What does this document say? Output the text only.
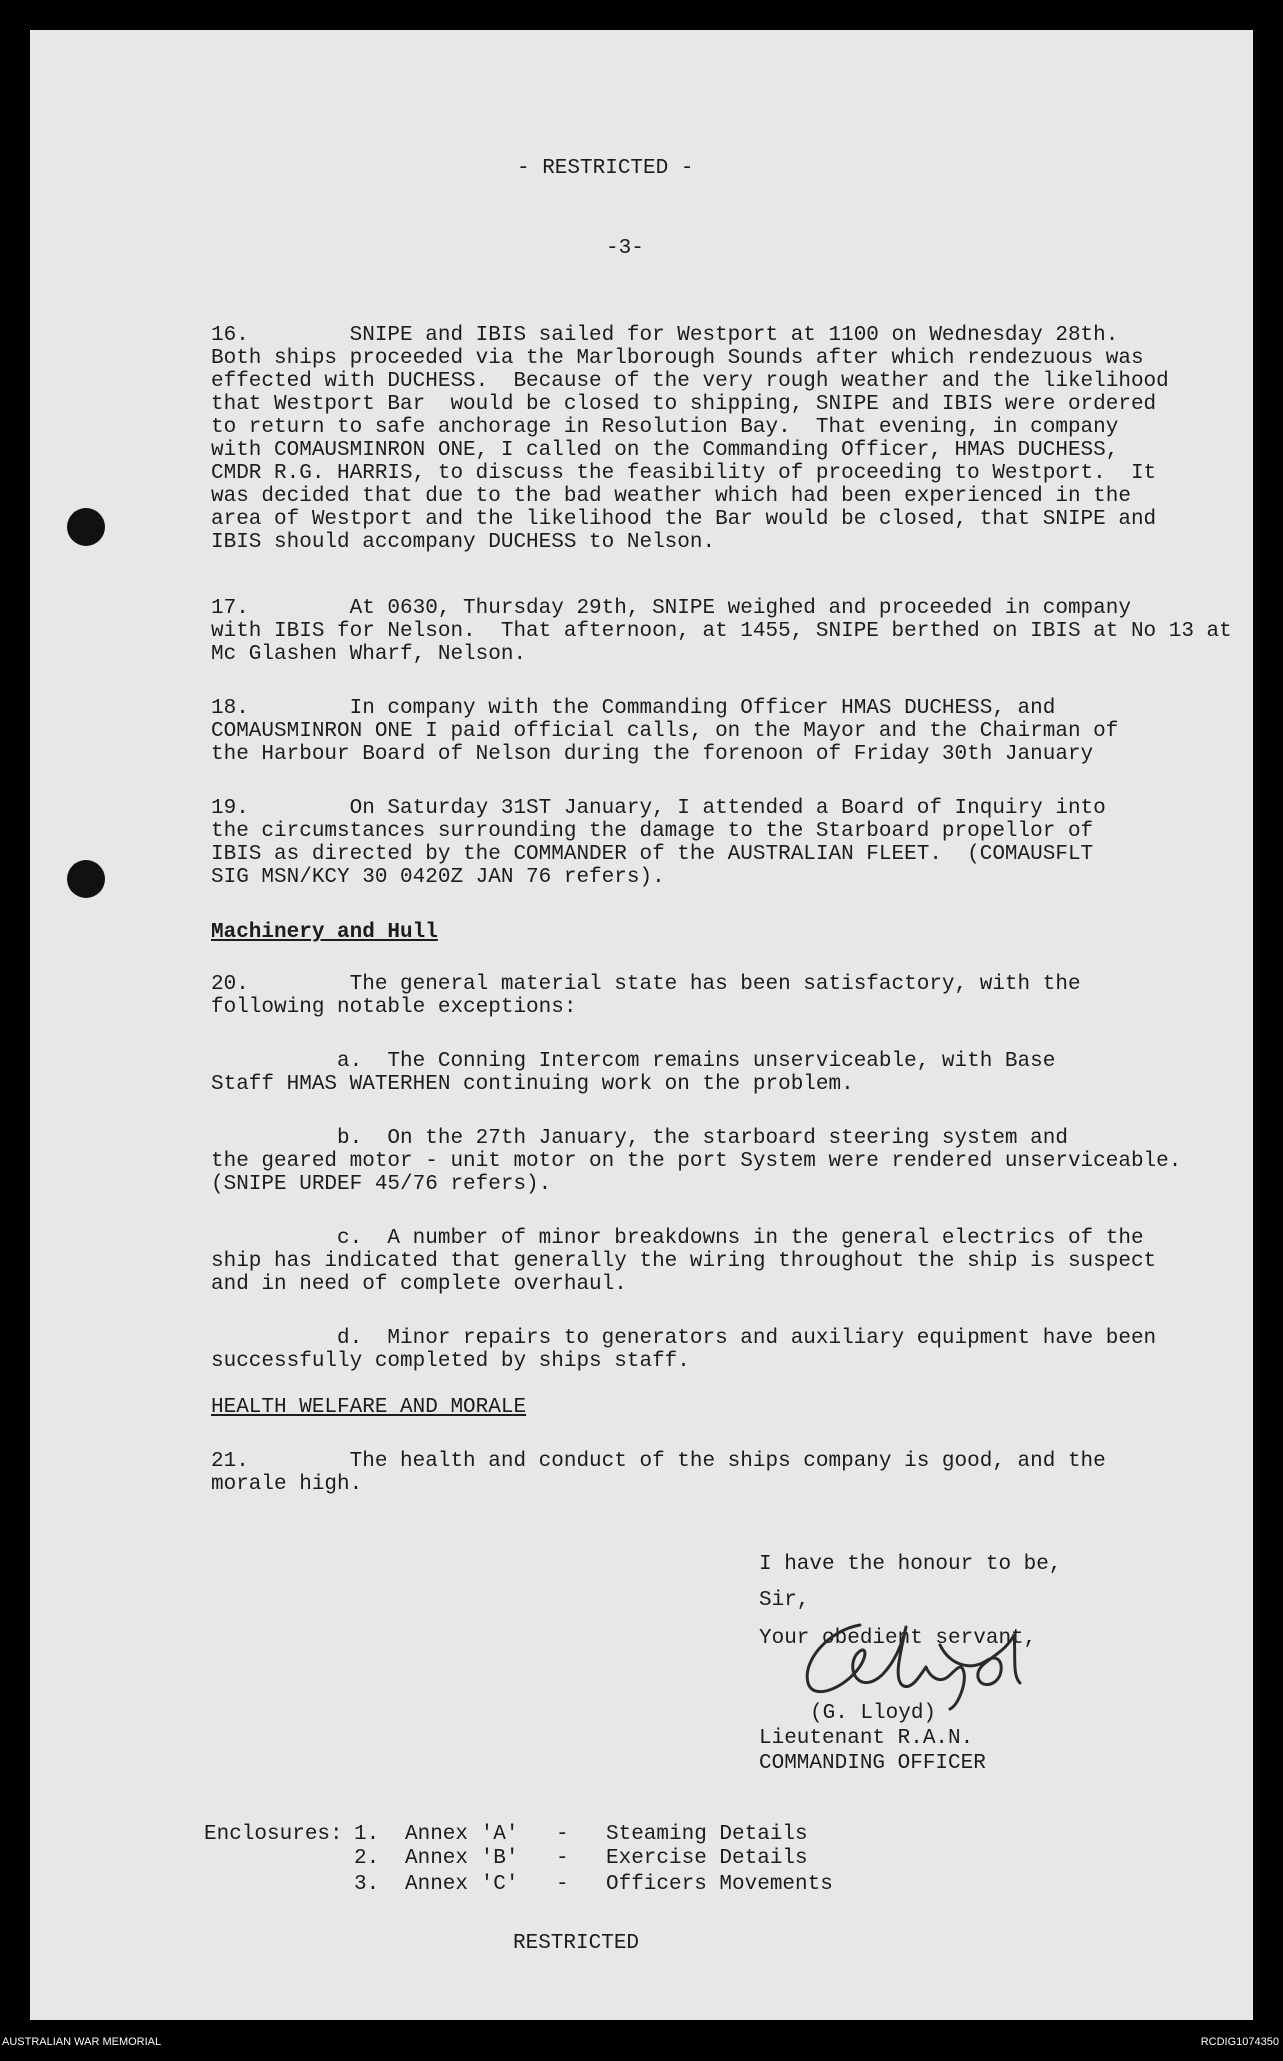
- RESTRICTED -
-3-
16.        SNIPE and IBIS sailed for Westport at 1100 on Wednesday 28th.
Both ships proceeded via the Marlborough Sounds after which rendezuous was
effected with DUCHESS.  Because of the very rough weather and the likelihood
that Westport Bar  would be closed to shipping, SNIPE and IBIS were ordered
to return to safe anchorage in Resolution Bay.  That evening, in company
with COMAUSMINRON ONE, I called on the Commanding Officer, HMAS DUCHESS,
CMDR R.G. HARRIS, to discuss the feasibility of proceeding to Westport.  It
was decided that due to the bad weather which had been experienced in the
area of Westport and the likelihood the Bar would be closed, that SNIPE and
IBIS should accompany DUCHESS to Nelson.
17.        At 0630, Thursday 29th, SNIPE weighed and proceeded in company
with IBIS for Nelson.  That afternoon, at 1455, SNIPE berthed on IBIS at No 13 at
Mc Glashen Wharf, Nelson.
18.        In company with the Commanding Officer HMAS DUCHESS, and
COMAUSMINRON ONE I paid official calls, on the Mayor and the Chairman of
the Harbour Board of Nelson during the forenoon of Friday 30th January
19.        On Saturday 31ST January, I attended a Board of Inquiry into
the circumstances surrounding the damage to the Starboard propellor of
IBIS as directed by the COMMANDER of the AUSTRALIAN FLEET.  (COMAUSFLT
SIG MSN/KCY 30 0420Z JAN 76 refers).
Machinery and Hull
20.        The general material state has been satisfactory, with the
following notable exceptions:
a.  The Conning Intercom remains unserviceable, with Base
Staff HMAS WATERHEN continuing work on the problem.
b.  On the 27th January, the starboard steering system and
the geared motor - unit motor on the port System were rendered unserviceable.
(SNIPE URDEF 45/76 refers).
c.  A number of minor breakdowns in the general electrics of the
ship has indicated that generally the wiring throughout the ship is suspect
and in need of complete overhaul.
d.  Minor repairs to generators and auxiliary equipment have been
successfully completed by ships staff.
HEALTH WELFARE AND MORALE
21.        The health and conduct of the ships company is good, and the
morale high.
I have the honour to be,
Sir,
Your obedient servant,
(G. Lloyd)
Lieutenant R.A.N.
COMMANDING OFFICER
Enclosures: 1. Annex 'A' - Steaming Details
2. Annex 'B' - Exercise Details
3. Annex 'C' - Officers Movements
RESTRICTED
AUSTRALIAN WAR MEMORIAL	RCDIG1074350
